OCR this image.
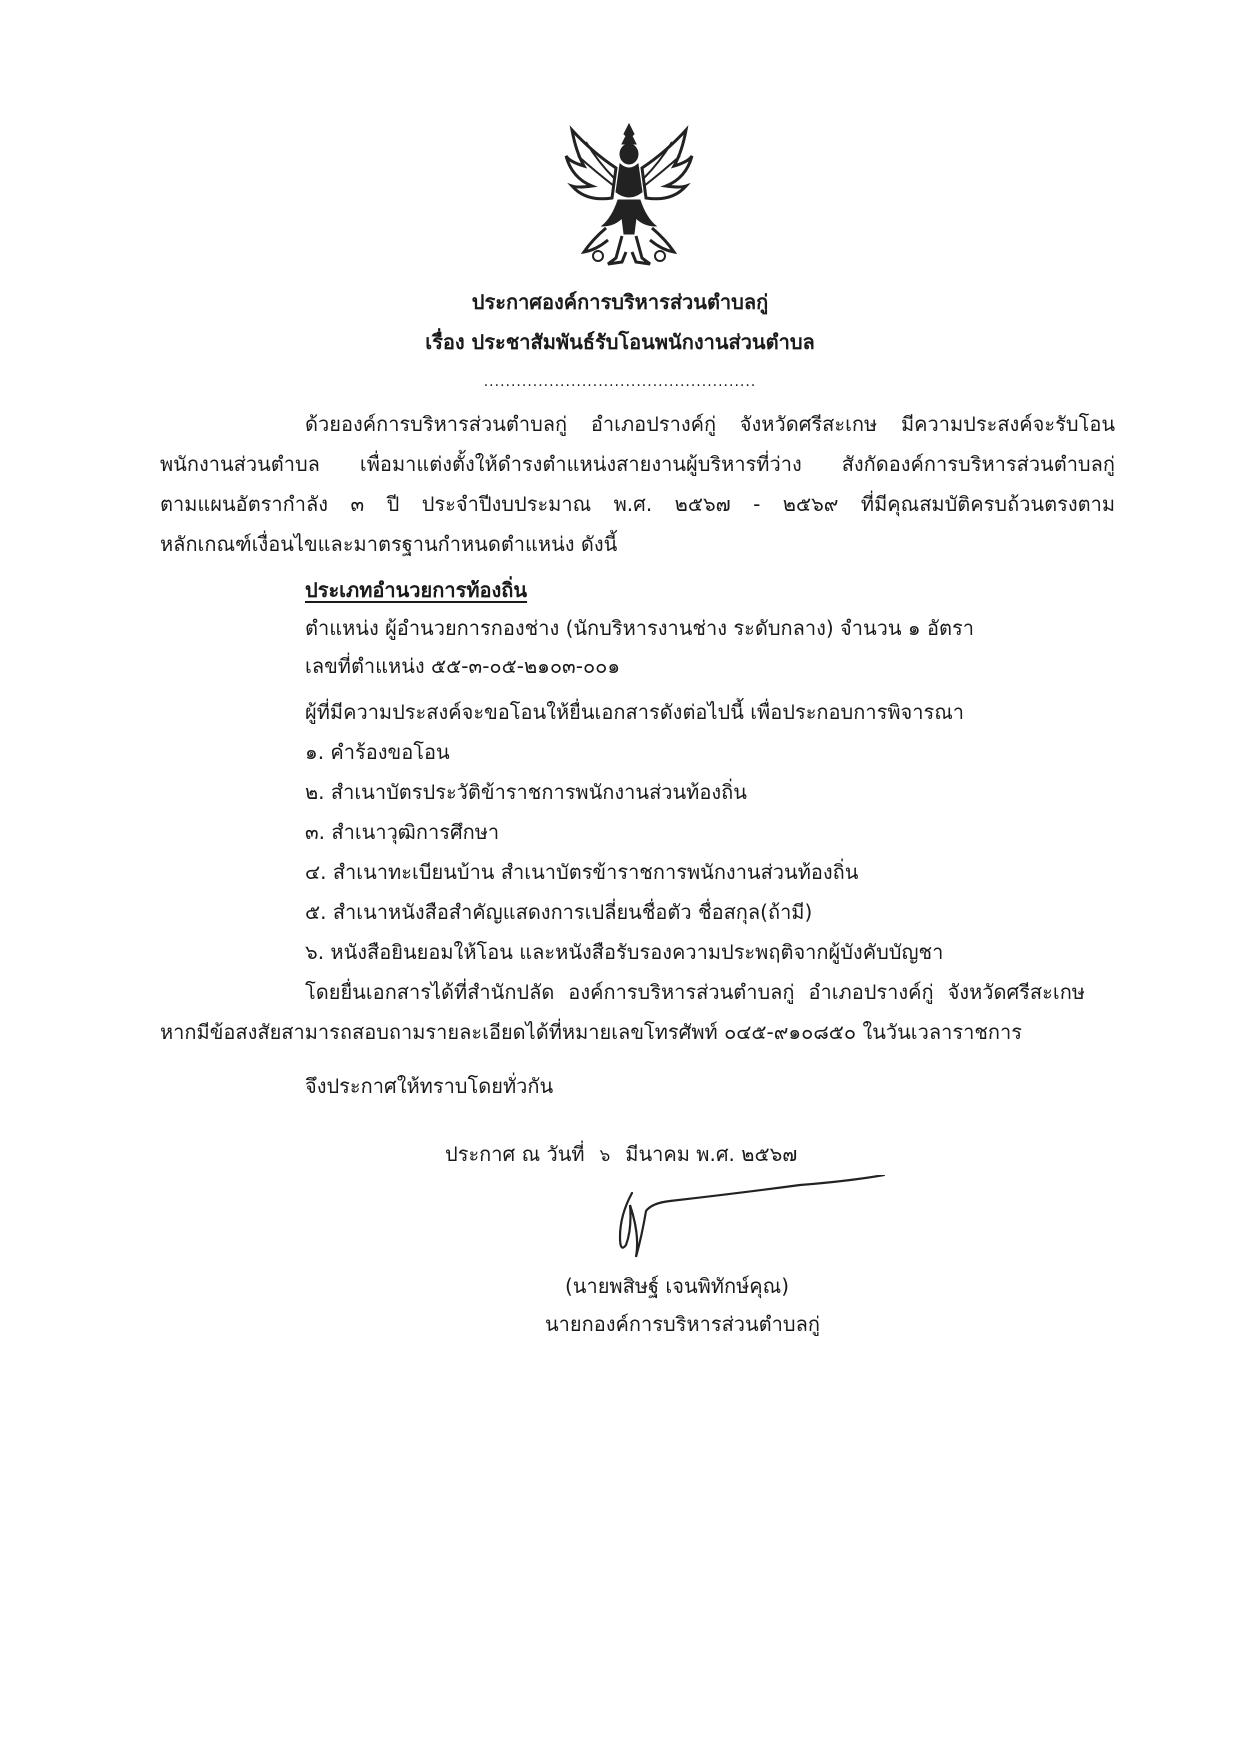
ประกาศองค์การบริหารส่วนตำบลกู่
เรื่อง ประชาสัมพันธ์รับโอนพนักงานส่วนตำบล
..................................................
ด้วยองค์การบริหารส่วนตำบลกู่ อำเภอปรางค์กู่ จังหวัดศรีสะเกษ มีความประสงค์จะรับโอน
พนักงานส่วนตำบล เพื่อมาแต่งตั้งให้ดำรงตำแหน่งสายงานผู้บริหารที่ว่าง สังกัดองค์การบริหารส่วนตำบลกู่
ตามแผนอัตรากำลัง ๓ ปี ประจำปีงบประมาณ พ.ศ. ๒๕๖๗ - ๒๕๖๙ ที่มีคุณสมบัติครบถ้วนตรงตาม
หลักเกณฑ์เงื่อนไขและมาตรฐานกำหนดตำแหน่ง ดังนี้
ประเภทอำนวยการท้องถิ่น
ตำแหน่ง ผู้อำนวยการกองช่าง (นักบริหารงานช่าง ระดับกลาง) จำนวน ๑ อัตรา
เลขที่ตำแหน่ง ๕๕-๓-๐๕-๒๑๐๓-๐๐๑
ผู้ที่มีความประสงค์จะขอโอนให้ยื่นเอกสารดังต่อไปนี้ เพื่อประกอบการพิจารณา
๑. คำร้องขอโอน
๒. สำเนาบัตรประวัติข้าราชการพนักงานส่วนท้องถิ่น
๓. สำเนาวุฒิการศึกษา
๔. สำเนาทะเบียนบ้าน สำเนาบัตรข้าราชการพนักงานส่วนท้องถิ่น
๕. สำเนาหนังสือสำคัญแสดงการเปลี่ยนชื่อตัว ชื่อสกุล(ถ้ามี)
๖. หนังสือยินยอมให้โอน และหนังสือรับรองความประพฤติจากผู้บังคับบัญชา
โดยยื่นเอกสารได้ที่สำนักปลัด องค์การบริหารส่วนตำบลกู่ อำเภอปรางค์กู่ จังหวัดศรีสะเกษ
หากมีข้อสงสัยสามารถสอบถามรายละเอียดได้ที่หมายเลขโทรศัพท์ ๐๔๕-๙๑๐๘๕๐ ในวันเวลาราชการ
จึงประกาศให้ทราบโดยทั่วกัน
ประกาศ ณ วันที่ ๖ มีนาคม พ.ศ. ๒๕๖๗
(นายพสิษฐ์ เจนพิทักษ์คุณ)
นายกองค์การบริหารส่วนตำบลกู่
